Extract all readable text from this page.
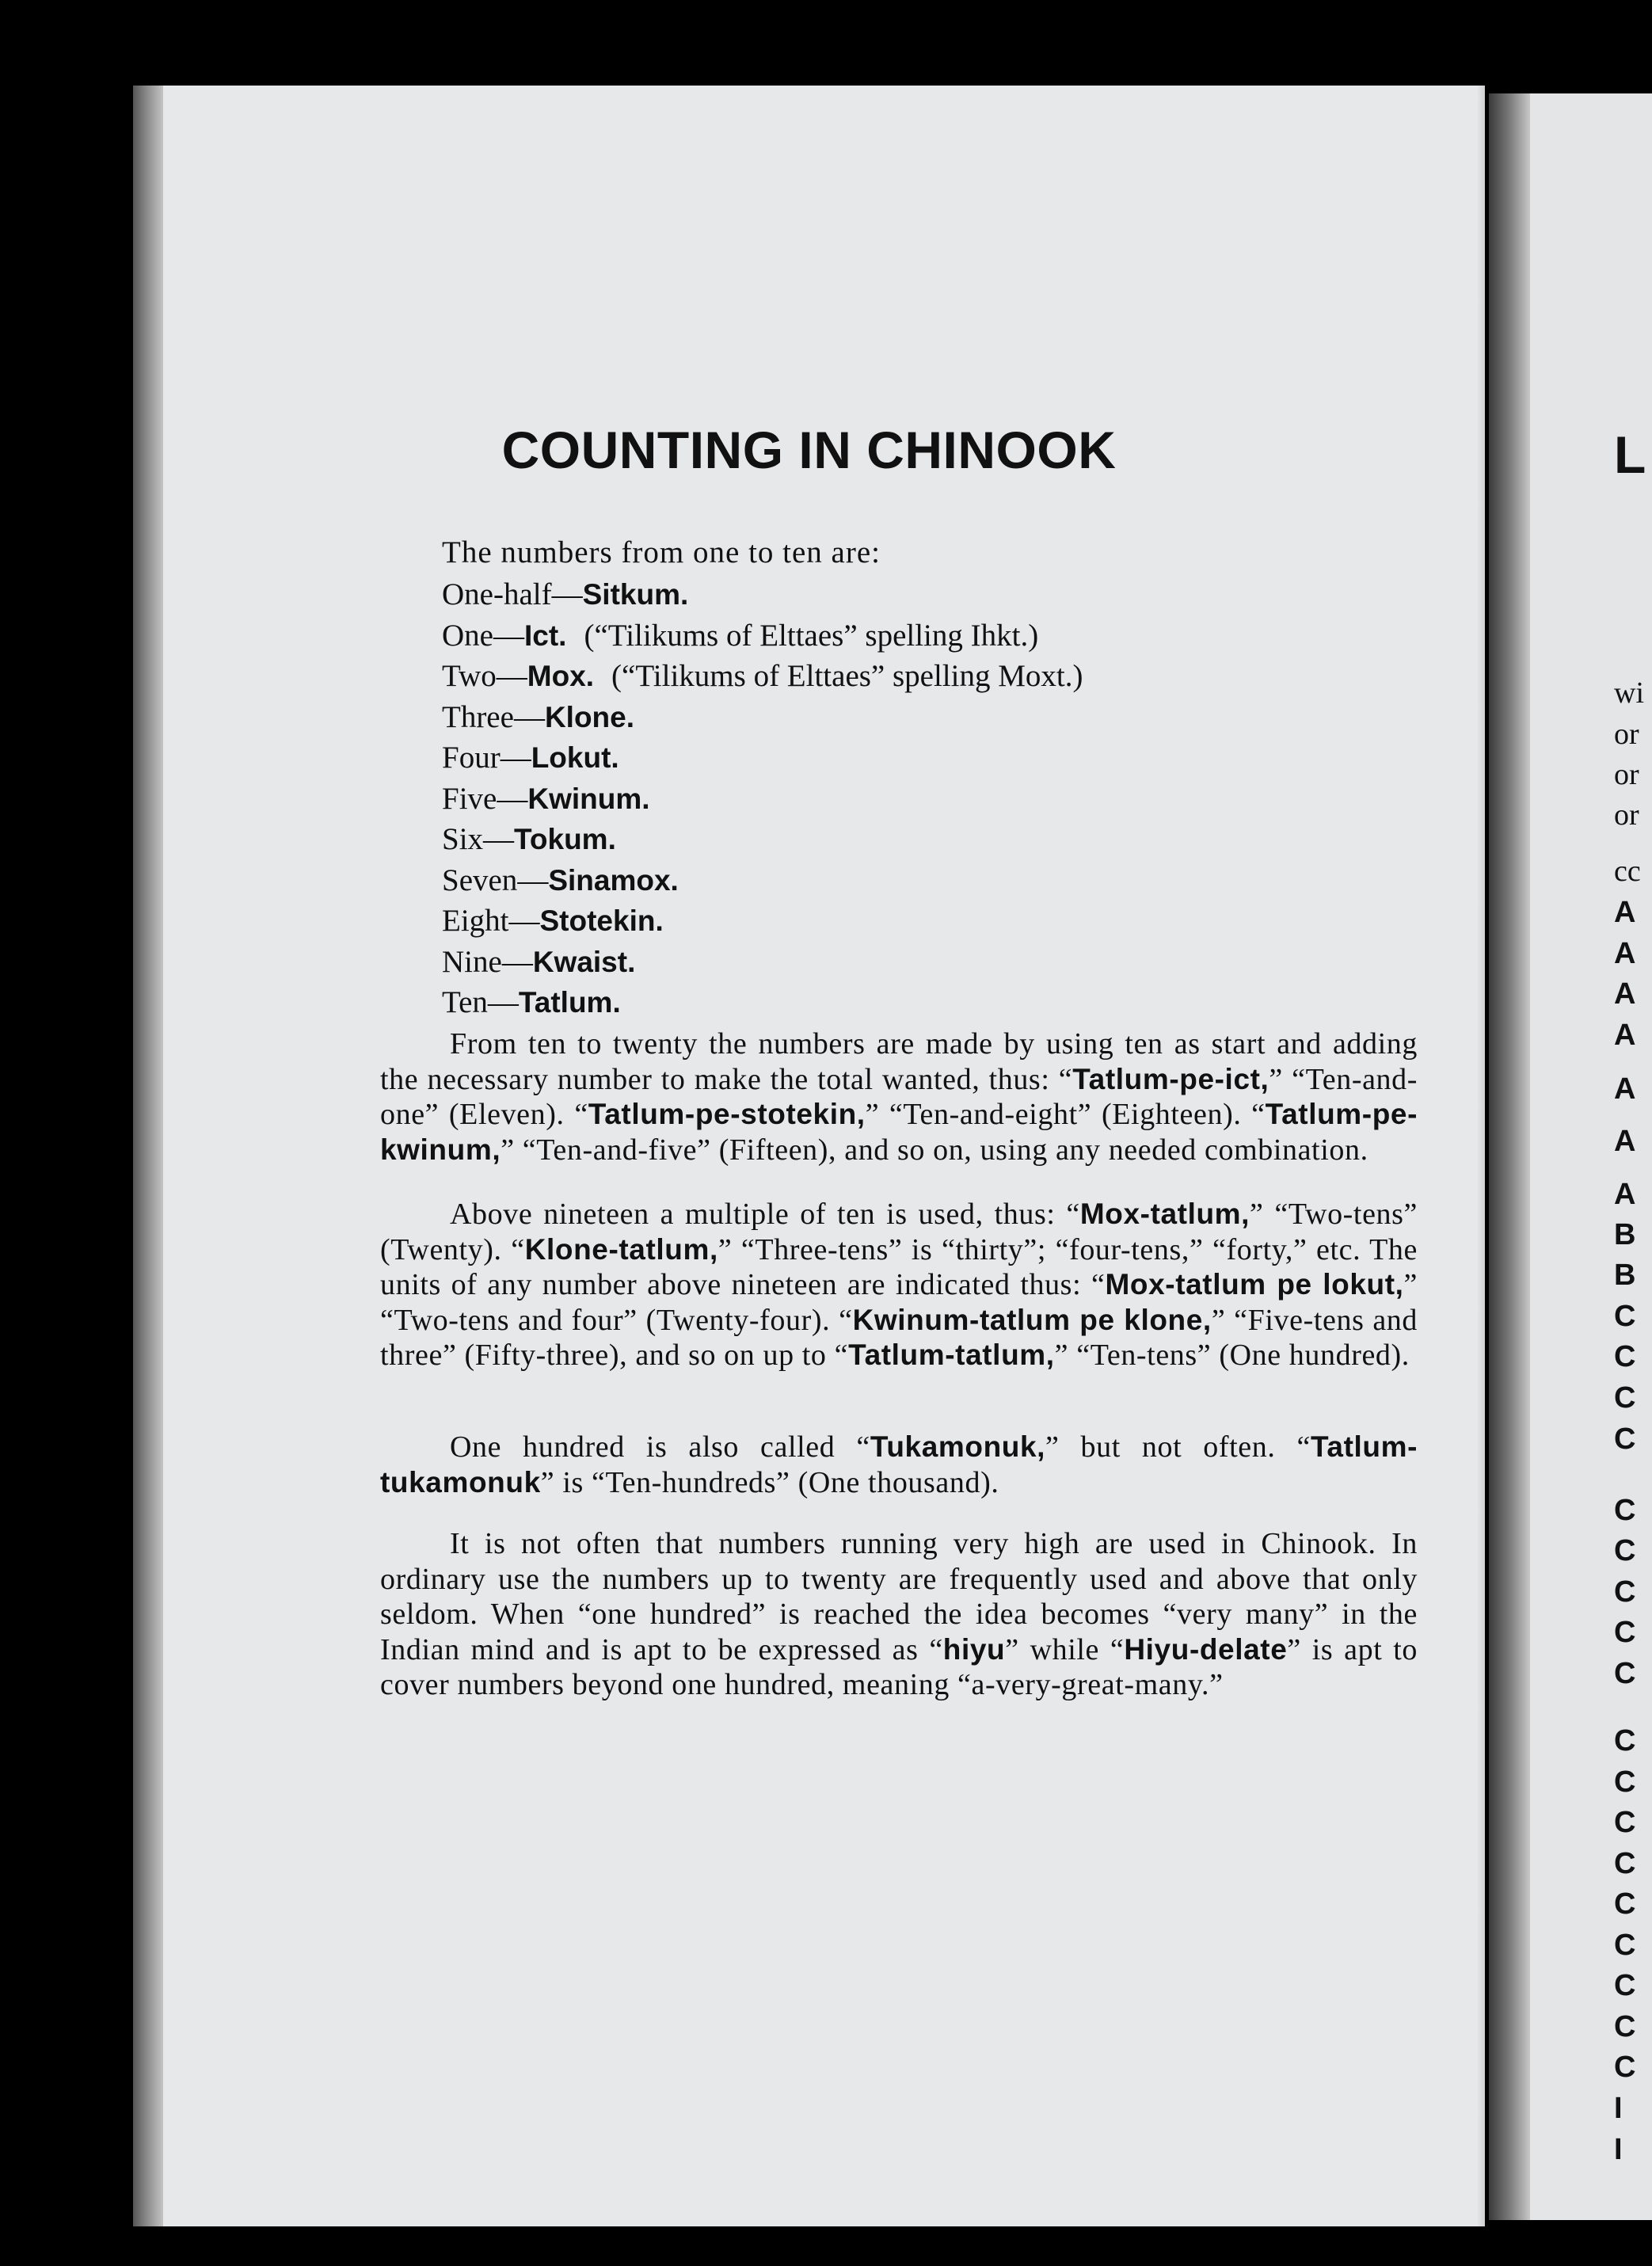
COUNTING IN CHINOOK

The numbers from one to ten are:

One-half—Sitkum.
One—Ict. (“Tilikums of Elttaes” spelling Ihkt.)
Two—Mox. (“Tilikums of Elttaes” spelling Moxt.)
Three—Klone.
Four—Lokut.
Five—Kwinum.
Six—Tokum.
Seven—Sinamox.
Eight—Stotekin.
Nine—Kwaist.
Ten—Tatlum.

From ten to twenty the numbers are made by using ten as start and adding the necessary number to make the total wanted, thus: “Tatlum-pe-ict,” “Ten-and-one” (Eleven). “Tatlum-pe-stotekin,” “Ten-and-eight” (Eighteen). “Tatlum-pe-kwinum,” “Ten-and-five” (Fifteen), and so on, using any needed combination.

Above nineteen a multiple of ten is used, thus: “Mox-tatlum,” “Two-tens” (Twenty). “Klone-tatlum,” “Three-tens” is “thirty”; “four-tens,” “forty,” etc. The units of any number above nineteen are indicated thus: “Mox-tatlum pe lokut,” “Two-tens and four” (Twenty-four). “Kwinum-tatlum pe klone,” “Five-tens and three” (Fifty-three), and so on up to “Tatlum-tatlum,” “Ten-tens” (One hundred).

One hundred is also called “Tukamonuk,” but not often. “Tatlum-tukamonuk” is “Ten-hundreds” (One thousand).

It is not often that numbers running very high are used in Chinook. In ordinary use the numbers up to twenty are frequently used and above that only seldom. When “one hundred” is reached the idea becomes “very many” in the Indian mind and is apt to be expressed as “hiyu” while “Hiyu-delate” is apt to cover numbers beyond one hundred, meaning “a-very-great-many.”

L
wi
or
or
or
cc
A
A
A
A
A
A
A
B
B
C
C
C
C
C
C
C
C
C
C
C
C
C
C
C
C
C
C
I
I
